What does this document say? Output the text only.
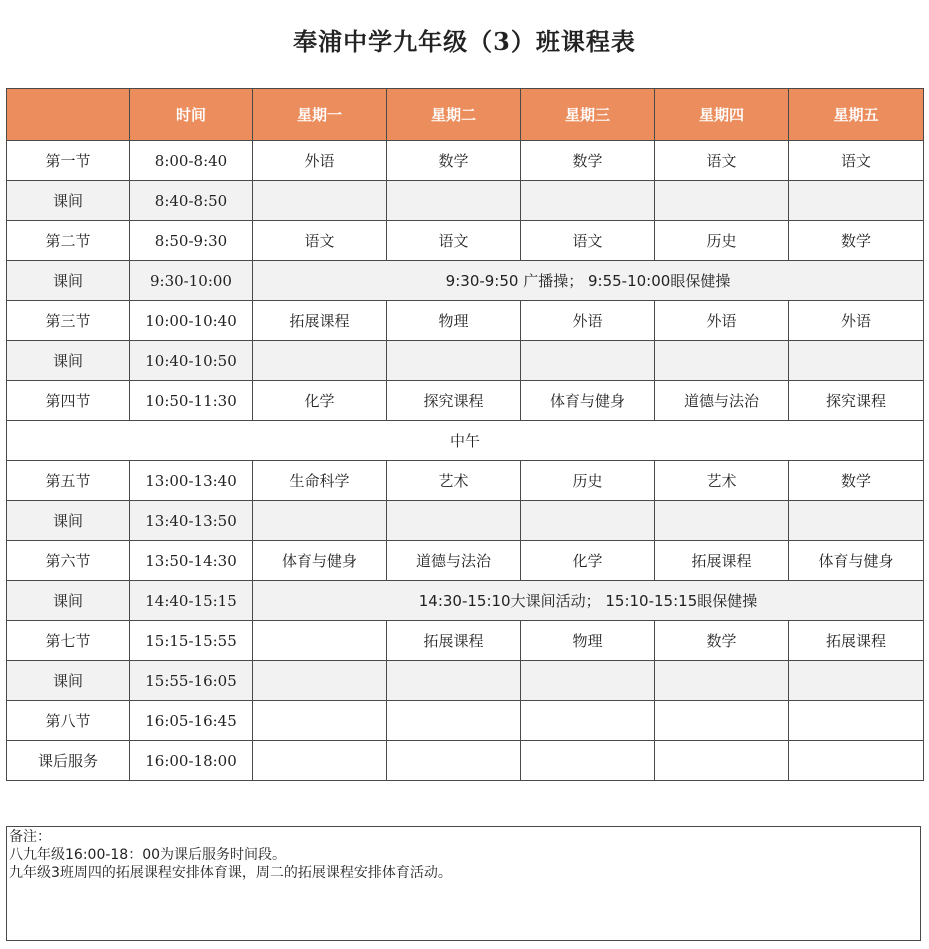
奉浦中学九年级（3）班课程表
	时间	星期一	星期二	星期三	星期四	星期五
第一节	8:00-8:40	外语	数学	数学	语文	语文
课间	8:40-8:50					
第二节	8:50-9:30	语文	语文	语文	历史	数学
课间	9:30-10:00	9:30-9:50 广播操； 9:55-10:00眼保健操				
第三节	10:00-10:40	拓展课程	物理	外语	外语	外语
课间	10:40-10:50					
第四节	10:50-11:30	化学	探究课程	体育与健身	道德与法治	探究课程
中午						
第五节	13:00-13:40	生命科学	艺术	历史	艺术	数学
课间	13:40-13:50					
第六节	13:50-14:30	体育与健身	道德与法治	化学	拓展课程	体育与健身
课间	14:40-15:15	14:30-15:10大课间活动； 15:10-15:15眼保健操				
第七节	15:15-15:55		拓展课程	物理	数学	拓展课程
课间	15:55-16:05					
第八节	16:05-16:45					
课后服务	16:00-18:00					
备注：
八九年级16:00-18：00为课后服务时间段。
九年级3班周四的拓展课程安排体育课，周二的拓展课程安排体育活动。
